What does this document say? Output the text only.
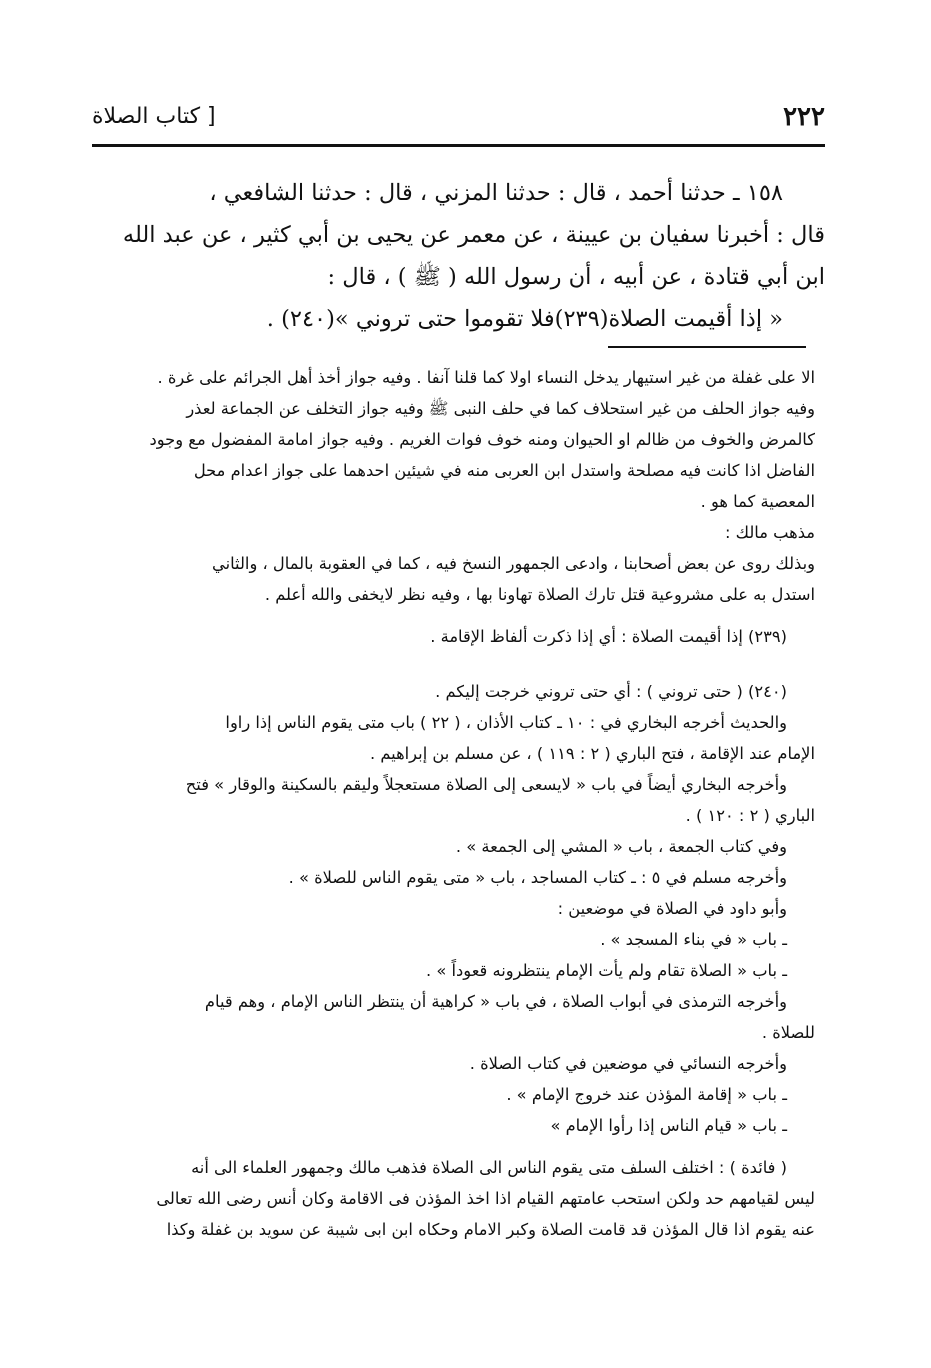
٢٢٢
[ كتاب الصلاة

١٥٨ ـ حدثنا أحمد ، قال : حدثنا المزني ، قال : حدثنا الشافعي ،

قال : أخبرنا سفيان بن عيينة ، عن معمر عن يحيى بن أبي كثير ، عن عبد الله

ابن أبي قتادة ، عن أبيه ، أن رسول الله ( ﷺ ) ، قال :

« إذا أقيمت الصلاة(٢٣٩)فلا تقوموا حتى تروني »(٢٤٠) .

الا على غفلة من غير استيهار يدخل النساء اولا كما قلنا آنفا . وفيه جواز أخذ أهل الجرائم على غرة .

وفيه جواز الحلف من غير استحلاف كما في حلف النبى ﷺ وفيه جواز التخلف عن الجماعة لعذر

كالمرض والخوف من ظالم او الحيوان ومنه خوف فوات الغريم . وفيه جواز امامة المفضول مع وجود

الفاضل اذا كانت فيه مصلحة واستدل ابن العربى منه في شيئين احدهما على جواز اعدام محل

المعصية كما هو .

مذهب مالك :

وبذلك روى عن بعض أصحابنا ، وادعى الجمهور النسخ فيه ، كما في العقوبة بالمال ، والثاني

استدل به على مشروعية قتل تارك الصلاة تهاونا بها ، وفيه نظر لايخفى والله أعلم .

(٢٣٩) إذا أقيمت الصلاة : أي إذا ذكرت ألفاظ الإقامة .

(٢٤٠) ( حتى تروني ) : أي حتى تروني خرجت إليكم .

والحديث أخرجه البخاري في : ١٠ ـ كتاب الأذان ، ( ٢٢ ) باب متى يقوم الناس إذا راوا

الإمام عند الإقامة ، فتح الباري ( ٢ : ١١٩ ) ، عن مسلم بن إبراهيم .

وأخرجه البخاري أيضاً في باب « لايسعى إلى الصلاة مستعجلاً وليقم بالسكينة والوقار » فتح

الباري ( ٢ : ١٢٠ ) .

وفي كتاب الجمعة ، باب « المشي إلى الجمعة » .

وأخرجه مسلم في ٥ : ـ كتاب المساجد ، باب « متى يقوم الناس للصلاة » .

وأبو داود في الصلاة في موضعين :

ـ باب « في بناء المسجد » .

ـ باب « الصلاة تقام ولم يأت الإمام ينتظرونه قعوداً » .

وأخرجه الترمذى في أبواب الصلاة ، في باب « كراهية أن ينتظر الناس الإمام ، وهم قيام

للصلاة .

وأخرجه النسائي في موضعين في كتاب الصلاة .

ـ باب « إقامة المؤذن عند خروج الإمام » .

ـ باب « قيام الناس إذا رأوا الإمام »

( فائدة ) : اختلف السلف متى يقوم الناس الى الصلاة فذهب مالك وجمهور العلماء الى أنه

ليس لقيامهم حد ولكن استحب عامتهم القيام اذا اخذ المؤذن فى الاقامة وكان أنس رضى الله تعالى

عنه يقوم اذا قال المؤذن قد قامت الصلاة وكبر الامام وحكاه ابن ابى شيبة عن سويد بن غفلة وكذا
